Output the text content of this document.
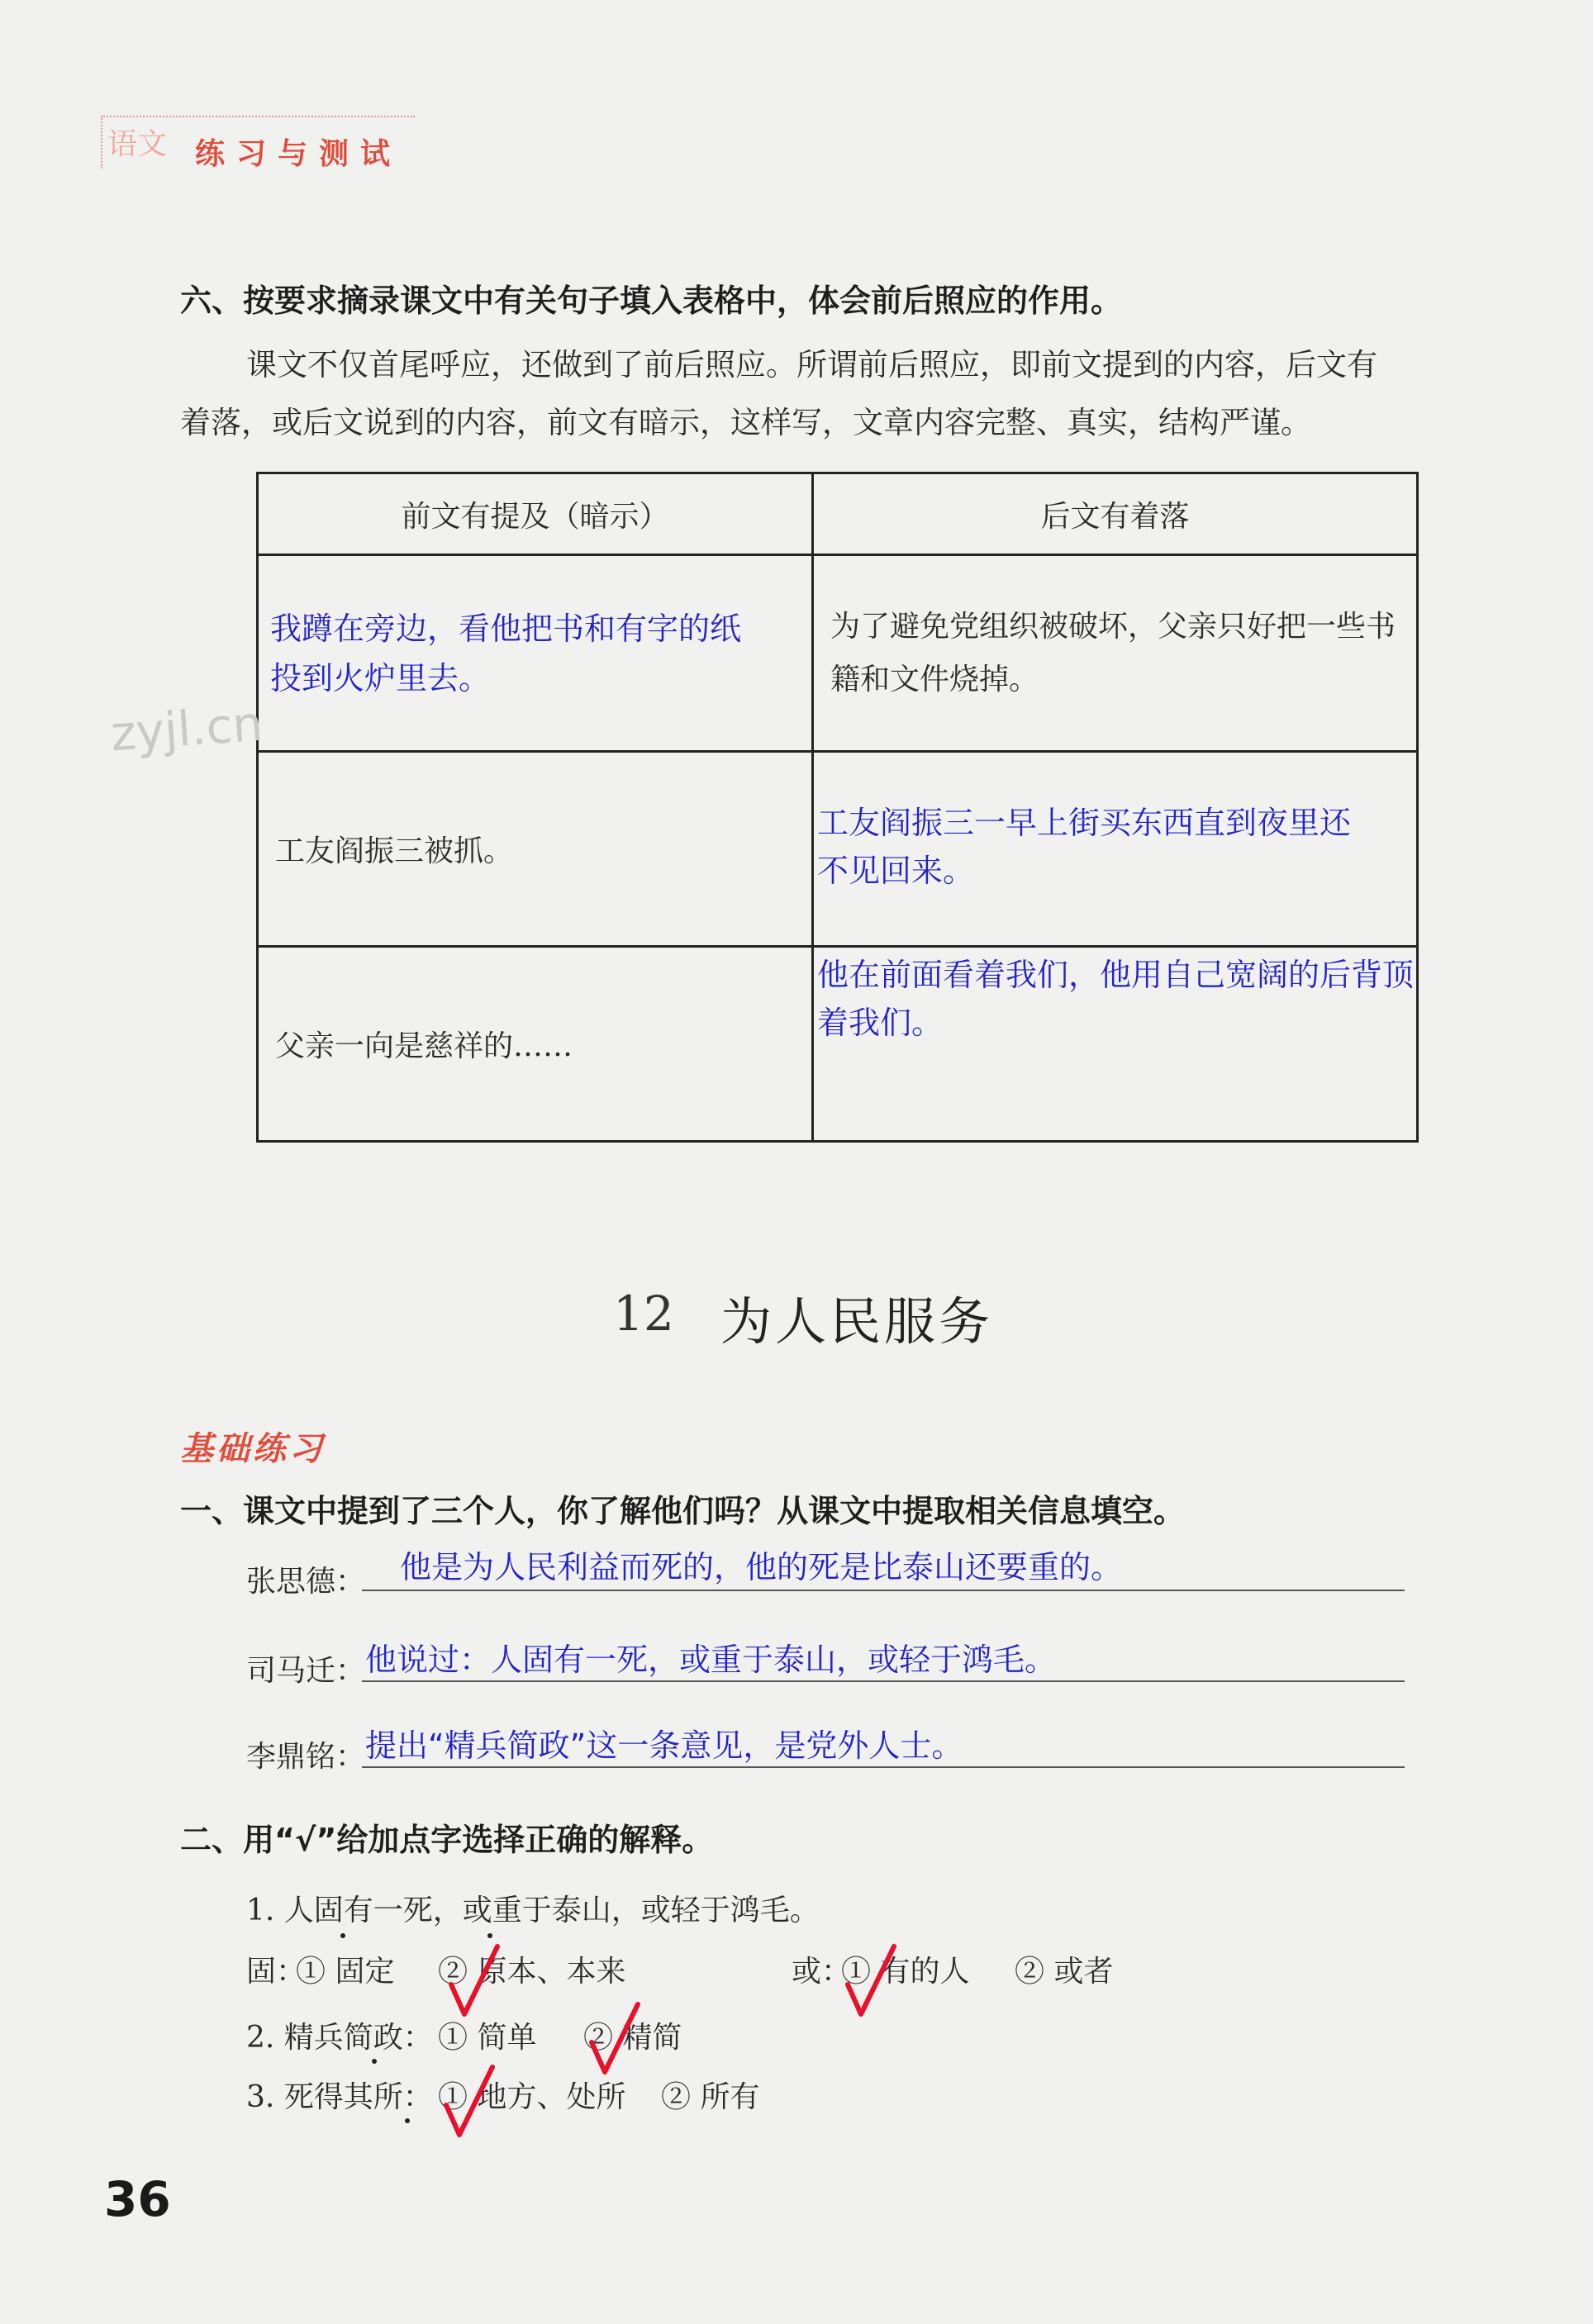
语文 练习与测试
六、按要求摘录课文中有关句子填入表格中，体会前后照应的作用。
课文不仅首尾呼应，还做到了前后照应。所谓前后照应，即前文提到的内容，后文有
着落，或后文说到的内容，前文有暗示，这样写，文章内容完整、真实，结构严谨。
前文有提及（暗示）	后文有着落

我蹲在旁边，看他把书和有字的纸投到火炉里去。	为了避免党组织被破坏，父亲只好把一些书籍和文件烧掉。

工友阎振三被抓。	工友阎振三一早上街买东西直到夜里还不见回来。

父亲一向是慈祥的……	他在前面看着我们，他用自己宽阔的后背顶着我们。
zyjl.cn
12 为人民服务
基础练习
一、课文中提到了三个人，你了解他们吗？从课文中提取相关信息填空。
张思德： 他是为人民利益而死的，他的死是比泰山还要重的。
司马迁： 他说过：人固有一死，或重于泰山，或轻于鸿毛。
李鼎铭： 提出“精兵简政”这一条意见，是党外人士。
二、用“√”给加点字选择正确的解释。
1. 人固有一死，或重于泰山，或轻于鸿毛。
固：
① 固定 ② 原本、本来	或：
① 有的人 ② 或者
2. 精兵简政： ① 简单 ② 精简
3. 死得其所： ① 地方、处所 ② 所有
36
